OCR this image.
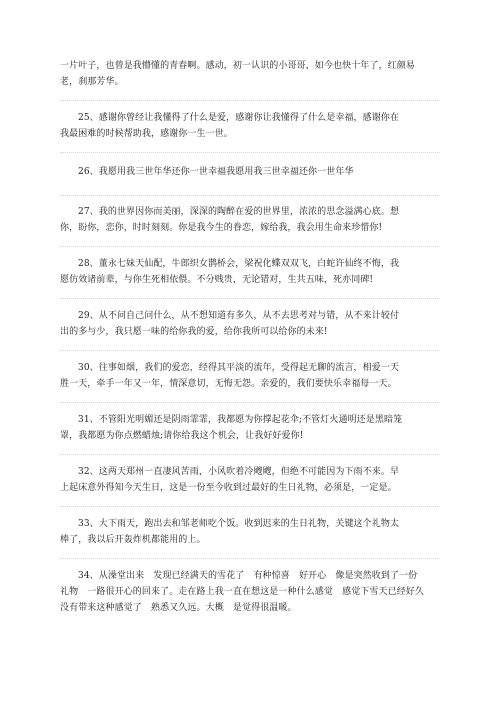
一片叶子，也曾是我懵懂的青春啊。感动，初一认识的小哥哥，如今也快十年了，红颜易
老，刹那芳华。
25、感谢你曾经让我懂得了什么是爱，感谢你让我懂得了什么是幸福，感谢你在
我最困难的时候帮助我，感谢你一生一世。
26、我愿用我三世年华还你一世幸福我愿用我三世幸福还你一世年华
27、我的世界因你而美丽，深深的陶醉在爱的世界里，浓浓的思念溢满心底。想
你，盼你，恋你，时时刻刻。你是我今生的眷恋，嫁给我，我会用生命来珍惜你!
28、董永七妹天仙配，牛郎织女鹊桥会，梁祝化蝶双双飞，白蛇许仙终不悔，我
愿仿效诸前辈，与你生死相依偎。不分贱贵，无论错对，生共五味，死亦同碑!
29、从不问自己问什么，从不想知道有多久，从不去思考对与错，从不来计较付
出的多与少，我只愿一味的给你我的爱，给你我所可以给你的未来!
30、往事如烟，我们的爱恋，经得其平淡的流年，受得起无聊的流言，相爱一天
胜一天，牵手一年又一年，情深意切，无悔无怨。亲爱的，我们要快乐幸福每一天。
31、不管阳光明媚还是阴雨霏霏，我都愿为你撑起花伞;不管灯火通明还是黑暗笼
罩，我都愿为你点燃蜡烛;请你给我这个机会，让我好好爱你!
32、这两天郑州一直凄风苦雨，小风吹着冷飕飕，但绝不可能因为下雨不来。早
上起床意外得知今天生日，这是一份至今收到过最好的生日礼物，必须是，一定是。
33、大下雨天，跑出去和邹老师吃个饭。收到迟来的生日礼物，关键这个礼物太
棒了，我以后开轰炸机都能用的上。
34、从澡堂出来　发现已经满天的雪花了　有种惊喜　好开心　像是突然收到了一份
礼物　一路很开心的回来了。走在路上我一直在想这是一种什么感觉　感觉下雪天已经好久
没有带来这种感觉了　熟悉又久远。大概　是觉得很温暖。
